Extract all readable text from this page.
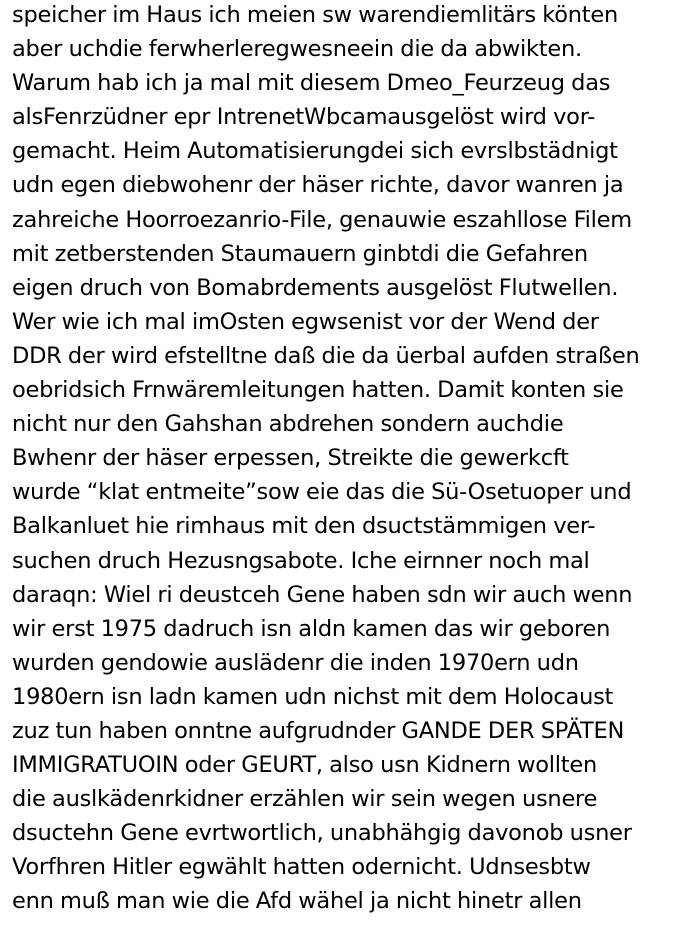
speicher im Haus ich meien sw warendiemlitärs könten
aber uchdie ferwherleregwesneein die da abwikten.
Warum hab ich ja mal mit diesem Dmeo_Feurzeug das
alsFenrzüdner epr IntrenetWbcamausgelöst wird vor-
gemacht. Heim Automatisierungdei sich evrslbstädnigt
udn egen diebwohenr der häser richte, davor wanren ja
zahreiche Hoorroezanrio-File, genauwie eszahllose Filem
mit zetberstenden Staumauern ginbtdi die Gefahren
eigen druch von Bomabrdements ausgelöst Flutwellen.
Wer wie ich mal imOsten egwsenist vor der Wend der
DDR der wird efstelltne daß die da üerbal aufden straßen
oebridsich Frnwäremleitungen hatten. Damit konten sie
nicht nur den Gahshan abdrehen sondern auchdie
Bwhenr der häser erpessen, Streikte die gewerkcft
wurde “klat entmeite”sow eie das die Sü-Osetuoper und
Balkanluet hie rimhaus mit den dsuctstämmigen ver-
suchen druch Hezusngsabote. Iche eirnner noch mal
daraqn: Wiel ri deustceh Gene haben sdn wir auch wenn
wir erst 1975 dadruch isn aldn kamen das wir geboren
wurden gendowie ausläden​r die inden 1970ern udn
1980ern isn ladn kamen udn nichst mit dem Holocaust
zuz tun haben onntne aufgrudnder GANDE DER SPÄTEN
IMMIGRATUOIN oder GEURT, also usn Kidnern wollten
die auslkädenrkidner erzählen wir sein wegen usnere
dsuctehn Gene evrtwortlich, unabhähgig davonob usner
Vorfhren Hitler egwählt hatten odernicht. Udnsesbtw
enn muß man wie die Afd wähel ja nicht hinetr allen
